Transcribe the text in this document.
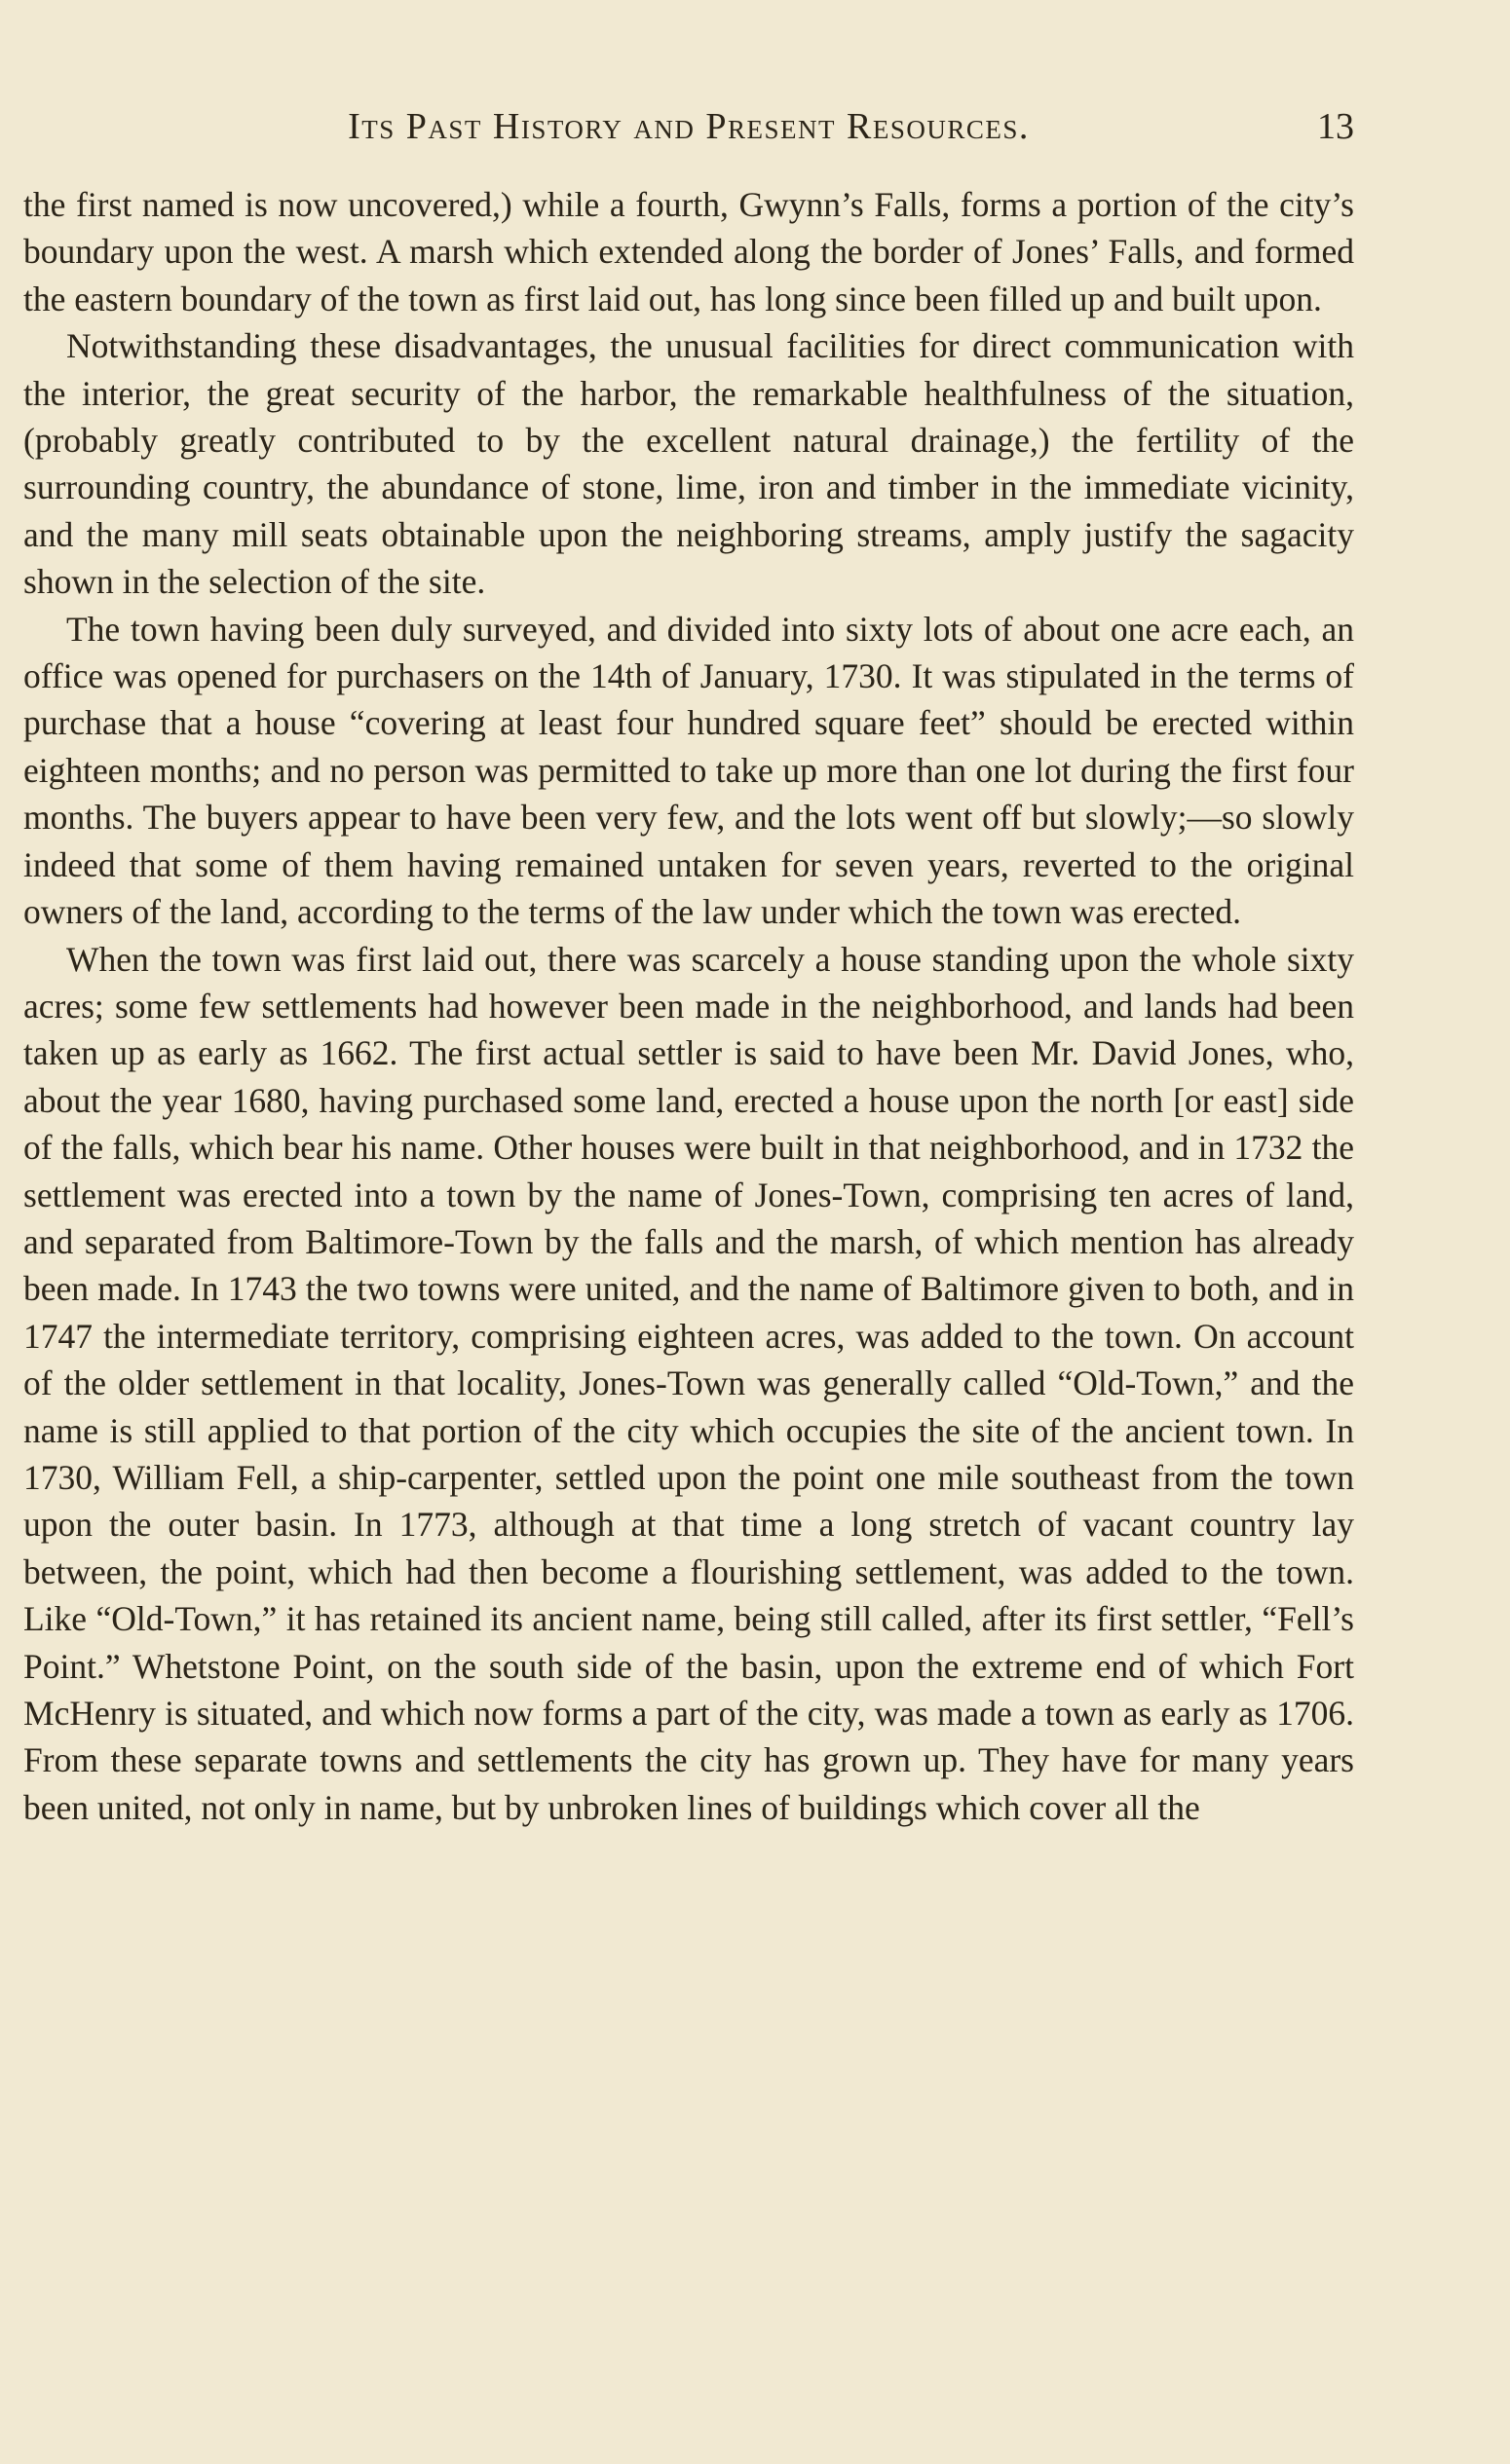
Its Past History and Present Resources.	13

the first named is now uncovered,) while a fourth, Gwynn’s Falls, forms a portion of the city’s boundary upon the west. A marsh which extended along the border of Jones’ Falls, and formed the eastern boundary of the town as first laid out, has long since been filled up and built upon.

Notwithstanding these disadvantages, the unusual facilities for direct communication with the interior, the great security of the harbor, the remarkable healthfulness of the situation, (probably greatly contributed to by the excellent natural drainage,) the fertility of the surrounding country, the abundance of stone, lime, iron and timber in the immediate vicinity, and the many mill seats obtainable upon the neighboring streams, amply justify the sagacity shown in the selection of the site.

The town having been duly surveyed, and divided into sixty lots of about one acre each, an office was opened for purchasers on the 14th of January, 1730. It was stipulated in the terms of purchase that a house “covering at least four hundred square feet” should be erected within eighteen months; and no person was permitted to take up more than one lot during the first four months. The buyers appear to have been very few, and the lots went off but slowly;—so slowly indeed that some of them having remained untaken for seven years, reverted to the original owners of the land, according to the terms of the law under which the town was erected.

When the town was first laid out, there was scarcely a house standing upon the whole sixty acres; some few settlements had however been made in the neighborhood, and lands had been taken up as early as 1662. The first actual settler is said to have been Mr. David Jones, who, about the year 1680, having purchased some land, erected a house upon the north [or east] side of the falls, which bear his name. Other houses were built in that neighborhood, and in 1732 the settlement was erected into a town by the name of Jones-Town, comprising ten acres of land, and separated from Baltimore-Town by the falls and the marsh, of which mention has already been made. In 1743 the two towns were united, and the name of Baltimore given to both, and in 1747 the intermediate territory, comprising eighteen acres, was added to the town. On account of the older settlement in that locality, Jones-Town was generally called “Old-Town,” and the name is still applied to that portion of the city which occupies the site of the ancient town. In 1730, William Fell, a ship-carpenter, settled upon the point one mile southeast from the town upon the outer basin. In 1773, although at that time a long stretch of vacant country lay between, the point, which had then become a flourishing settlement, was added to the town. Like “Old-Town,” it has retained its ancient name, being still called, after its first settler, “Fell’s Point.” Whetstone Point, on the south side of the basin, upon the extreme end of which Fort McHenry is situated, and which now forms a part of the city, was made a town as early as 1706. From these separate towns and settlements the city has grown up. They have for many years been united, not only in name, but by unbroken lines of buildings which cover all the
